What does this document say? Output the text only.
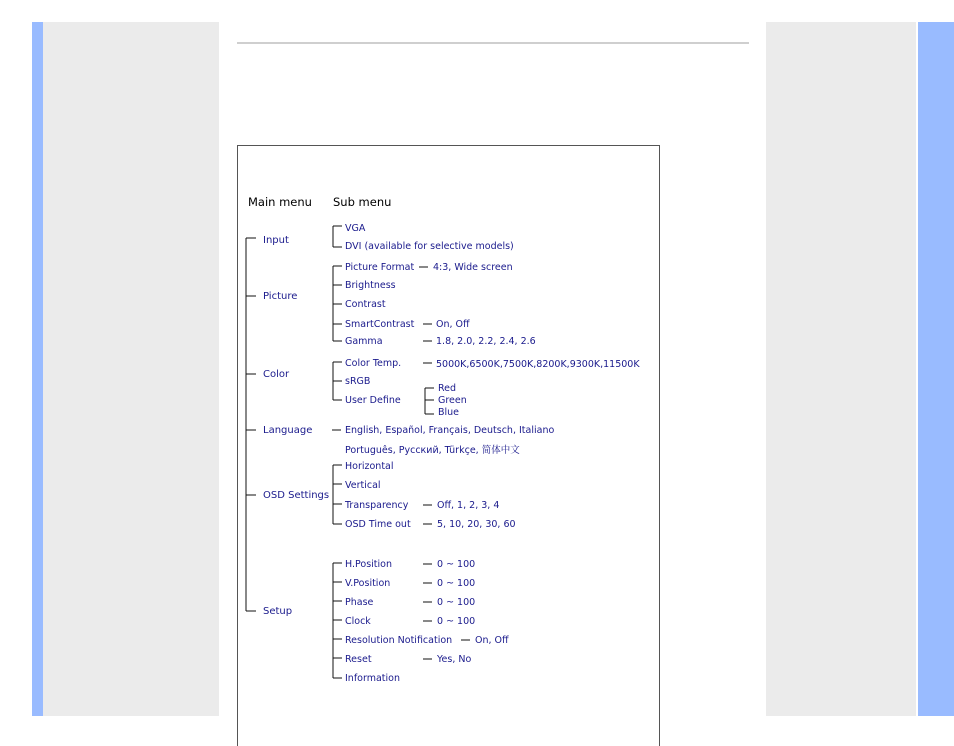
Main menu Sub menu
Input
VGA
DVI (available for selective models)
Picture
Picture Format 4:3, Wide screen
Brightness
Contrast
SmartContrast On, Off
Gamma	1.8, 2.0, 2.2, 2.4, 2.6
Color
Color Temp.	5000K,6500K,7500K,8200K,9300K,11500K
sRGB
User Define
Red
Green
Blue
Language	English, Español, Français, Deutsch, Italiano
Português, Русский, Türkçe, 简体中文
OSD Settings
Horizontal
Vertical
Transparency	Off, 1, 2, 3, 4
OSD Time out	5, 10, 20, 30, 60
Setup
H.Position	0 ~ 100
V.Position	0 ~ 100
Phase	0 ~ 100
Clock	0 ~ 100
Resolution Notification On, Off
Reset	Yes, No
Information
